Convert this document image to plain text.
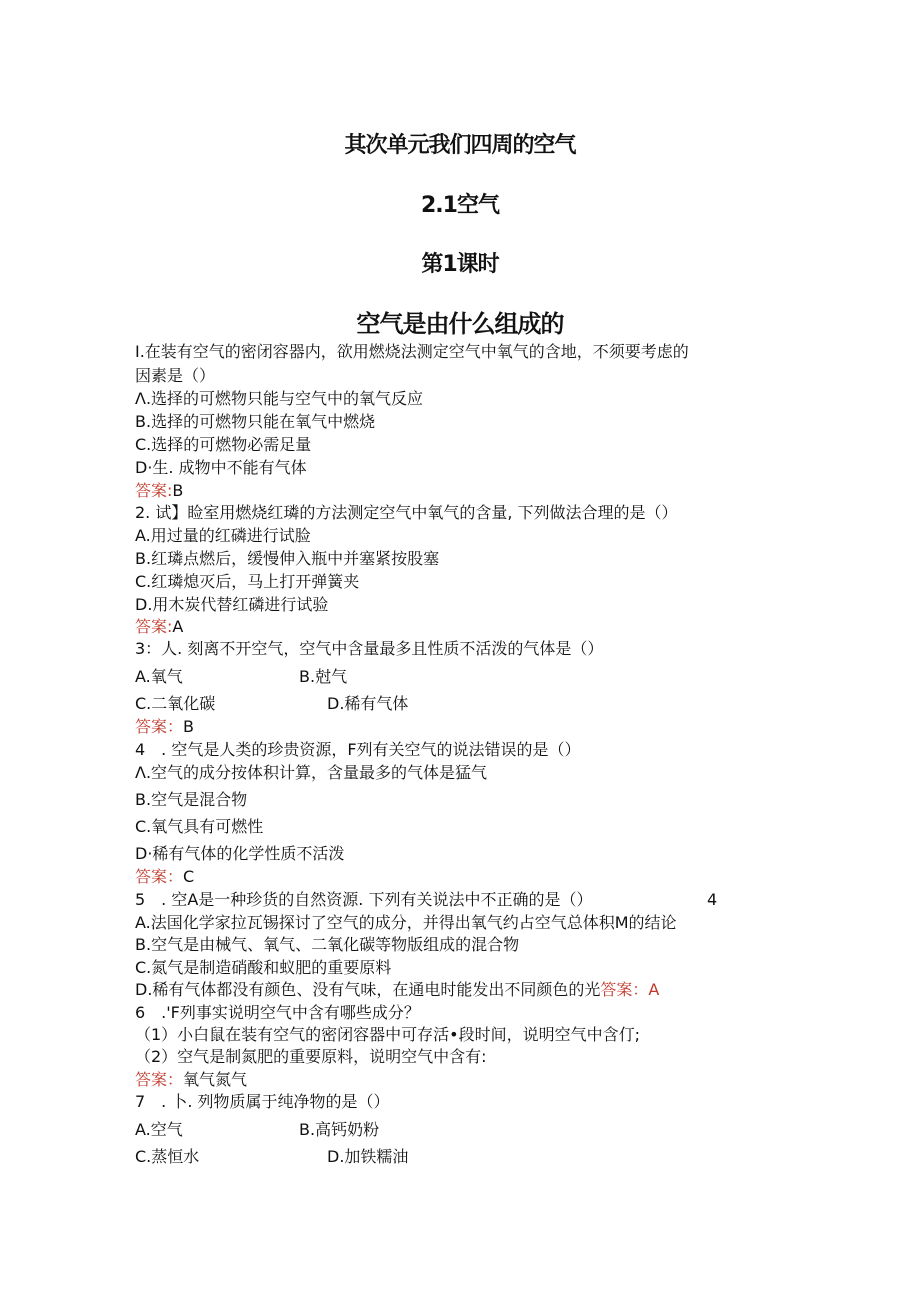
其次单元我们四周的空气
2.1空气
第1课时
空气是由什么组成的
I.在装有空气的密闭容器内，欲用燃烧法测定空气中氧气的含地，不须要考虑的
因素是（）
Λ.选择的可燃物只能与空气中的氧气反应
B.选择的可燃物只能在氧气中燃烧
C.选择的可燃物必需足量
D·生. 成物中不能有气体
答案:B
2. 试】睑室用燃烧红璘的方法测定空气中氧气的含量, 下列做法合理的是（）
A.用过量的红磷进行试脸
B.红璘点燃后，缓慢伸入瓶中并塞紧按股塞
C.红璘熄灭后，马上打开弹簧夹
D.用木炭代替红磷进行试验
答案:A
3：人. 刻离不开空气，空气中含量最多且性质不活泼的气体是（）
A.氧气	B.尅气
C.二氧化碳	D.稀有气体
答案：B
4　. 空气是人类的珍贵资源，F列有关空气的说法错误的是（）
Λ.空气的成分按体积计算，含量最多的气体是猛气
B.空气是混合物
C.氧气具有可燃性
D·稀有气体的化学性质不活泼
答案：C
5　. 空A是一种珍货的自然资源. 下列有关说法中不正确的是（）	4
A.法国化学家拉瓦锡探讨了空气的成分，并得出氧气约占空气总体积M的结论
B.空气是由械气、氧气、二氧化碳等物版组成的混合物
C.氮气是制造硝酸和蚁肥的重要原料
D.稀有气体都没有颜色、没有气味，在通电时能发出不同颜色的光答案：A
6　.'F列事实说明空气中含有哪些成分？
（1）小白鼠在装有空气的密闭容器中可存活•段时间，说明空气中含仃;
（2）空气是制氮肥的重要原料，说明空气中含有:
答案：氧气氮气
7　. 卜. 列物质属于纯净物的是（）
A.空气	B.高钙奶粉
C.蒸恒水	D.加铁糯油
